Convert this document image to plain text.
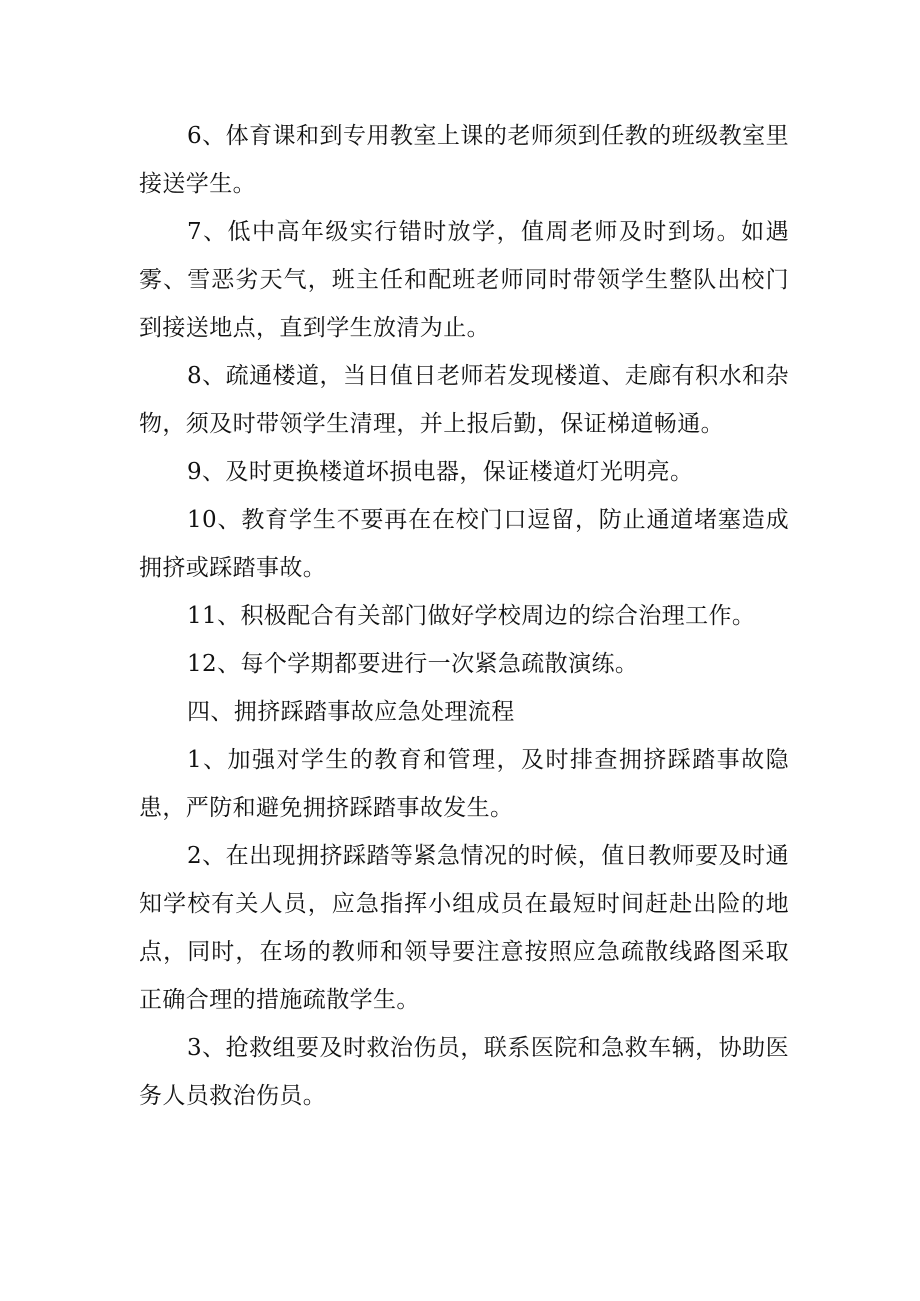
6、体育课和到专用教室上课的老师须到任教的班级教室里接送学生。

7、低中高年级实行错时放学，值周老师及时到场。如遇雾、雪恶劣天气，班主任和配班老师同时带领学生整队出校门到接送地点，直到学生放清为止。

8、疏通楼道，当日值日老师若发现楼道、走廊有积水和杂物，须及时带领学生清理，并上报后勤，保证梯道畅通。

9、及时更换楼道坏损电器，保证楼道灯光明亮。

10、教育学生不要再在在校门口逗留，防止通道堵塞造成拥挤或踩踏事故。

11、积极配合有关部门做好学校周边的综合治理工作。

12、每个学期都要进行一次紧急疏散演练。

四、拥挤踩踏事故应急处理流程

1、加强对学生的教育和管理，及时排查拥挤踩踏事故隐患，严防和避免拥挤踩踏事故发生。

2、在出现拥挤踩踏等紧急情况的时候，值日教师要及时通知学校有关人员，应急指挥小组成员在最短时间赶赴出险的地点，同时，在场的教师和领导要注意按照应急疏散线路图采取正确合理的措施疏散学生。

3、抢救组要及时救治伤员，联系医院和急救车辆，协助医务人员救治伤员。
